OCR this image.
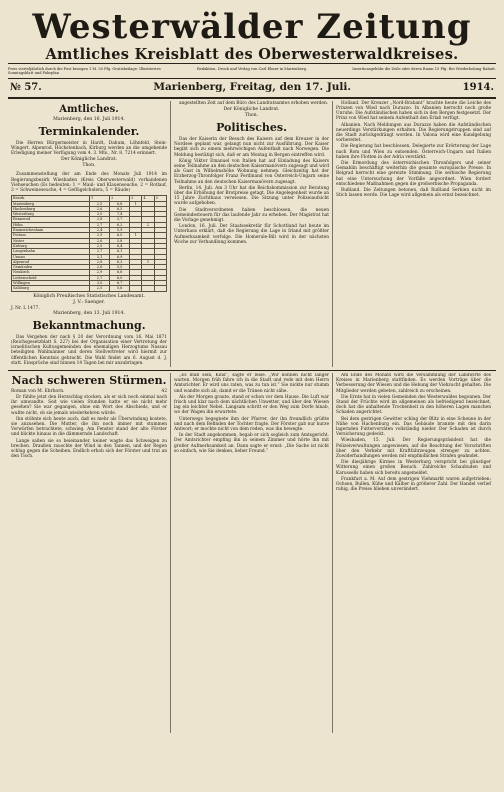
Westerwälder Zeitung
Amtliches Kreisblatt des Oberwesterwaldkreises.
Preis vierteljährlich durch die Post bezogen 1 M. 50 Pfg. Gratisbeilage: Illustriertes Sonntagsblatt und Fahrplan
Redaktion, Druck und Verlag von Carl Ebner in Marienberg.	Insertionsgebühr die Zeile oder deren Raum 15 Pfg. Bei Wiederholung Rabatt.
№ 57.	Marienberg, Freitag, den 17. Juli.	1914.
Amtliches.
Marienberg, den 16. Juli 1914.
Terminkalender.

Die Herren Bürgermeister in Hardt, Dahum, Löhnfeld, Stein-Wingert, Alpenrod, Höchstenbach, Kirburg werden an die umgehende Erledigung meiner Verfügung vom 4. 3. Mts., Nr. 8. 7214 erinnert.

Der Königliche Landrat.
Thon.

Zusammenstellung der am Ende des Monats Juli 1914 im Regierungsbezirk Wiesbaden (Kreis Oberwesterwald) vorhandenen Viehseuchen (Es bedeuten: 1 = Maul- und Klauenseuche, 2 = Rotlauf, 3 = Schweineseuche, 4 = Geflügelcholera, 5 = Räude)

Bezirk	1	2	3	4	5
Marienberg	2,5	6,8	1		
Hachenburg	2,6	6,5			
Westerburg	3,0	7,4			
Rennerod	2,8	5,7			
Höhn	2,7	6,2		2	
Emmerichenhain	2,4	5,9			
Pottum	2,9	6,0	1		
Nister	2,6	5,8			
Kirburg	2,5	6,4			
Langenhahn	2,7	6,1			
Unnau	3,1	6,9			
Alpenrod	2,8	6,3		1	
Gemünden	2,6	5,5			
Neukirch	2,9	6,6			
Liebenscheid	2,7	6,0			
Willingen	3,0	6,7			
Salzburg	2,5	5,6			
Königlich Preußisches Statistisches Landesamt.
J. V.: Saenger.
J. Nr. L 1477.
Marienberg, den 13. Juli 1914.
Bekanntmachung.

Das Vergehen der nach § 20 der Verordnung vom 16. Mai 1871 (Reichsgesetzblatt S. 227) bei der Organisation einer Vertretung der israelitischen Kultusgemeinden des ehemaligen Herzogtums Nassau beteiligten Wahlmänner und deren Stellvertreter wird hiermit zur öffentlichen Kenntnis gebracht. Die Wahl findet am 6. August d. J. statt. Einsprüche sind binnen 14 Tagen bei mir anzubringen.

angestellten Zeit auf dem Büro des Landratsamtes erhoben werden.

Der Königliche Landrat.
Thon.
Politisches.

Das der Kaiserin der Besuch des Kaisers auf dem Kreuzer in der Nordsee geplant war, gelangt nun nicht zur Ausführung. Der Kaiser begibt sich zu einem mehrwöchigen Aufenthalt nach Norwegen. Die Meldung bestätigt sich, daß er am Montag in Bergen eintreffen wird.

König Viktor Emanuel von Italien hat auf Einladung des Kaisers seine Teilnahme an den deutschen Kaisermanövern zugesagt und wird als Gast in Wilhelmshöhe Wohnung nehmen. Gleichzeitig hat der Erzherzog-Thronfolger Franz Ferdinand von Österreich-Ungarn seine Teilnahme an den deutschen Kaisermanövern zugesagt.

Berlin, 14. Juli. Am 3 Uhr hat die Reichskommission zur Beratung über die Erhöhung der Brotpreise getagt. Die Angelegenheit wurde an 15 Jahre Zuchthaus verwiesen. Die Sitzung unter Polizeiaufsicht wurde aufgehoben.

Die Stadtverordneten haben beschlossen, die neuen Gemeindesteuern für das laufende Jahr zu erheben. Der Magistrat hat die Vorlage genehmigt.

London, 16. Juli. Der Staatssekretär für Schottland hat heute im Unterhaus erklärt, daß die Regierung die Lage in Irland mit größter Aufmerksamkeit verfolge. Die Homerule-Bill wird in der nächsten Woche zur Verhandlung kommen.

Holland. Der Kreuzer „Nord-Brabant“ brachte heute die Leiche des Prinzen von Wied nach Durazzo. In Albanien herrscht noch große Unruhe. Die Aufständischen haben sich in den Bergen festgesetzt. Der Prinz von Wied hat seinem Aufenthalt den Erlaß verfügt.

Albanien. Nach Meldungen aus Durazzo haben die Aufständischen neuerdings Verstärkungen erhalten. Die Regierungstruppen sind auf die Stadt zurückgedrängt worden. In Valona wird eine Kundgebung vorbereitet.

Die Regierung hat beschlossen, Delegierte zur Erörterung der Lage nach Rom und Wien zu entsenden. Österreich-Ungarn und Italien haben ihre Flotten in der Adria verstärkt.

Die Ermordung des österreichischen Thronfolgers und seiner Gemahlin beschäftigt weiterhin die gesamte europäische Presse. In Belgrad herrscht eine gereizte Stimmung. Die serbische Regierung hat eine Untersuchung der Vorfälle angeordnet. Wien fordert entschiedene Maßnahmen gegen die großserbische Propaganda.

Rußland. Die Zeitungen betonen, daß Rußland Serbien nicht im Stich lassen werde. Die Lage wird allgemein als ernst bezeichnet.

Nach schweren Stürmen.
Roman von M. Ehrhorn.	42

Er fühlte jetzt den Herzschlag stocken, als er sich noch einmal nach ihr umwandte. Seit wie vielen Stunden hatte er sie nicht mehr gesehen? Sie war gegangen, ohne ein Wort des Abschieds, und er wußte nicht, ob sie jemals wiederkehren würde.

Ihn stöhnte sich heute auch, daß es mehr als Überwindung kostete, sie anzusehen. Die Mutter, die ihn noch immer mit stummen Vorwürfen betrachtete, schwieg. Am Fenster stand der alte Förster und blickte hinaus in die dämmernde Landschaft.

Lange saßen sie so beieinander, keiner wagte das Schweigen zu brechen. Draußen rauschte der Wind in den Tannen, und der Regen schlug gegen die Scheiben. Endlich erhob sich der Förster und trat an den Tisch.

„Es muß sein, Kind“, sagte er leise. „Wir können nicht länger warten. Morgen früh fahre ich in die Stadt und rede mit dem Herrn Amtsrichter. Er wird uns raten, was zu tun ist.“ Sie nickte nur stumm und wandte sich ab, damit er die Tränen nicht sähe.

Als der Morgen graute, stand er schon vor dem Hause. Die Luft war frisch und klar nach dem nächtlichen Unwetter, und über den Wiesen lag ein leichter Nebel. Langsam schritt er den Weg zum Dorfe hinab, wo der Wagen ihn erwartete.

Unterwegs begegnete ihm der Pfarrer, der ihn freundlich grüßte und nach dem Befinden der Tochter fragte. Der Förster gab nur kurze Antwort; er mochte nicht von dem reden, was ihn bewegte.

In der Stadt angekommen, begab er sich sogleich zum Amtsgericht. Der Amtsrichter empfing ihn in seinem Zimmer und hörte ihn mit großer Aufmerksamkeit an. Dann sagte er ernst: „Die Sache ist nicht so einfach, wie Sie denken, lieber Freund.“

Am Ende des Monats wird die Versammlung der Landwirte des Kreises in Marienberg stattfinden. Es werden Vorträge über die Verbesserung der Wiesen und die Hebung der Viehzucht gehalten. Die Mitglieder werden gebeten, zahlreich zu erscheinen.

Die Ernte hat in vielen Gemeinden des Westerwaldes begonnen. Der Stand der Früchte wird im allgemeinen als befriedigend bezeichnet, doch hat die anhaltende Trockenheit in den höheren Lagen manchen Schaden angerichtet.

Bei dem gestrigen Gewitter schlug der Blitz in eine Scheune in der Nähe von Hachenburg ein. Das Gebäude brannte mit den darin lagernden Futtervorräten vollständig nieder. Der Schaden ist durch Versicherung gedeckt.

Wiesbaden, 15. Juli. Der Regierungspräsident hat die Polizeiverwaltungen angewiesen, auf die Beachtung der Vorschriften über den Verkehr mit Kraftfahrzeugen strenger zu achten. Zuwiderhandlungen werden mit empfindlichen Strafen geahndet.

Die diesjährige Kirmes in Westerburg verspricht bei günstiger Witterung einen großen Besuch. Zahlreiche Schaubuden und Karussells haben sich bereits angemeldet.

Frankfurt a. M. Auf dem gestrigen Viehmarkt waren aufgetrieben: Ochsen, Bullen, Kühe und Kälber in größerer Zahl. Der Handel verlief ruhig, die Preise blieben unverändert.
